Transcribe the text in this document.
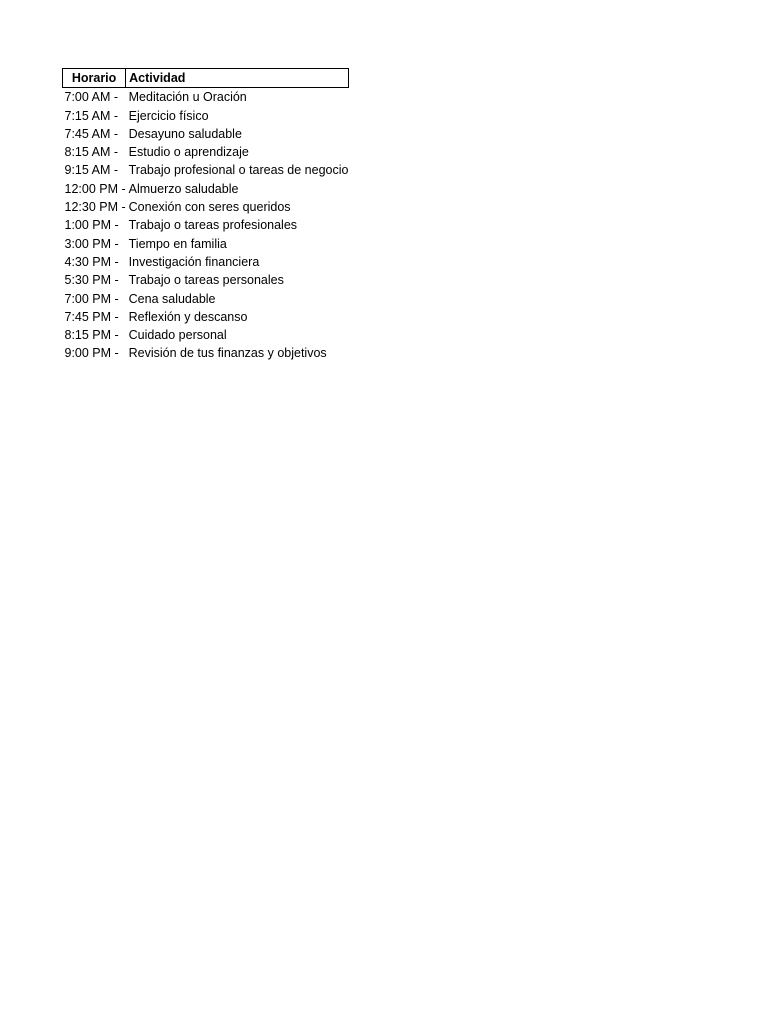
Horario	Actividad
7:00 AM -	Meditación u Oración
7:15 AM -	Ejercicio físico
7:45 AM -	Desayuno saludable
8:15 AM -	Estudio o aprendizaje
9:15 AM -	Trabajo profesional o tareas de negocio
12:00 PM -	Almuerzo saludable
12:30 PM -	Conexión con seres queridos
1:00 PM -	Trabajo o tareas profesionales
3:00 PM -	Tiempo en familia
4:30 PM -	Investigación financiera
5:30 PM -	Trabajo o tareas personales
7:00 PM -	Cena saludable
7:45 PM -	Reflexión y descanso
8:15 PM -	Cuidado personal
9:00 PM -	Revisión de tus finanzas y objetivos
